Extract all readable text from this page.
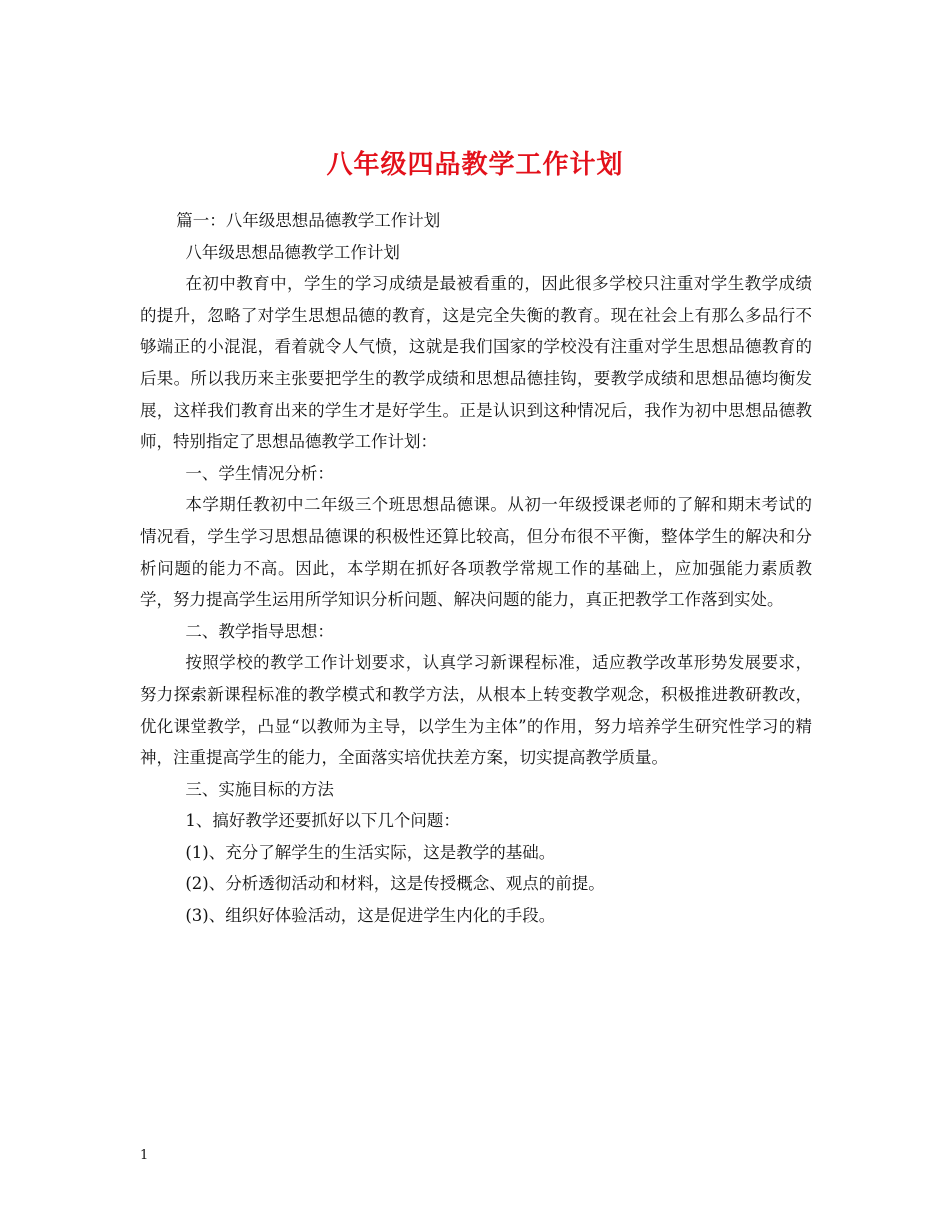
八年级四品教学工作计划

篇一：八年级思想品德教学工作计划

八年级思想品德教学工作计划

在初中教育中，学生的学习成绩是最被看重的，因此很多学校只注重对学生教学成绩的提升，忽略了对学生思想品德的教育，这是完全失衡的教育。现在社会上有那么多品行不够端正的小混混，看着就令人气愤，这就是我们国家的学校没有注重对学生思想品德教育的后果。所以我历来主张要把学生的教学成绩和思想品德挂钩，要教学成绩和思想品德均衡发展，这样我们教育出来的学生才是好学生。正是认识到这种情况后，我作为初中思想品德教师，特别指定了思想品德教学工作计划：

一、学生情况分析：

本学期任教初中二年级三个班思想品德课。从初一年级授课老师的了解和期末考试的情况看，学生学习思想品德课的积极性还算比较高，但分布很不平衡，整体学生的解决和分析问题的能力不高。因此，本学期在抓好各项教学常规工作的基础上，应加强能力素质教学，努力提高学生运用所学知识分析问题、解决问题的能力，真正把教学工作落到实处。

二、教学指导思想：

按照学校的教学工作计划要求，认真学习新课程标准，适应教学改革形势发展要求，努力探索新课程标准的教学模式和教学方法，从根本上转变教学观念，积极推进教研教改，优化课堂教学，凸显“以教师为主导，以学生为主体”的作用，努力培养学生研究性学习的精神，注重提高学生的能力，全面落实培优扶差方案，切实提高教学质量。

三、实施目标的方法

1、搞好教学还要抓好以下几个问题：

(1)、充分了解学生的生活实际，这是教学的基础。

(2)、分析透彻活动和材料，这是传授概念、观点的前提。

(3)、组织好体验活动，这是促进学生内化的手段。

1
